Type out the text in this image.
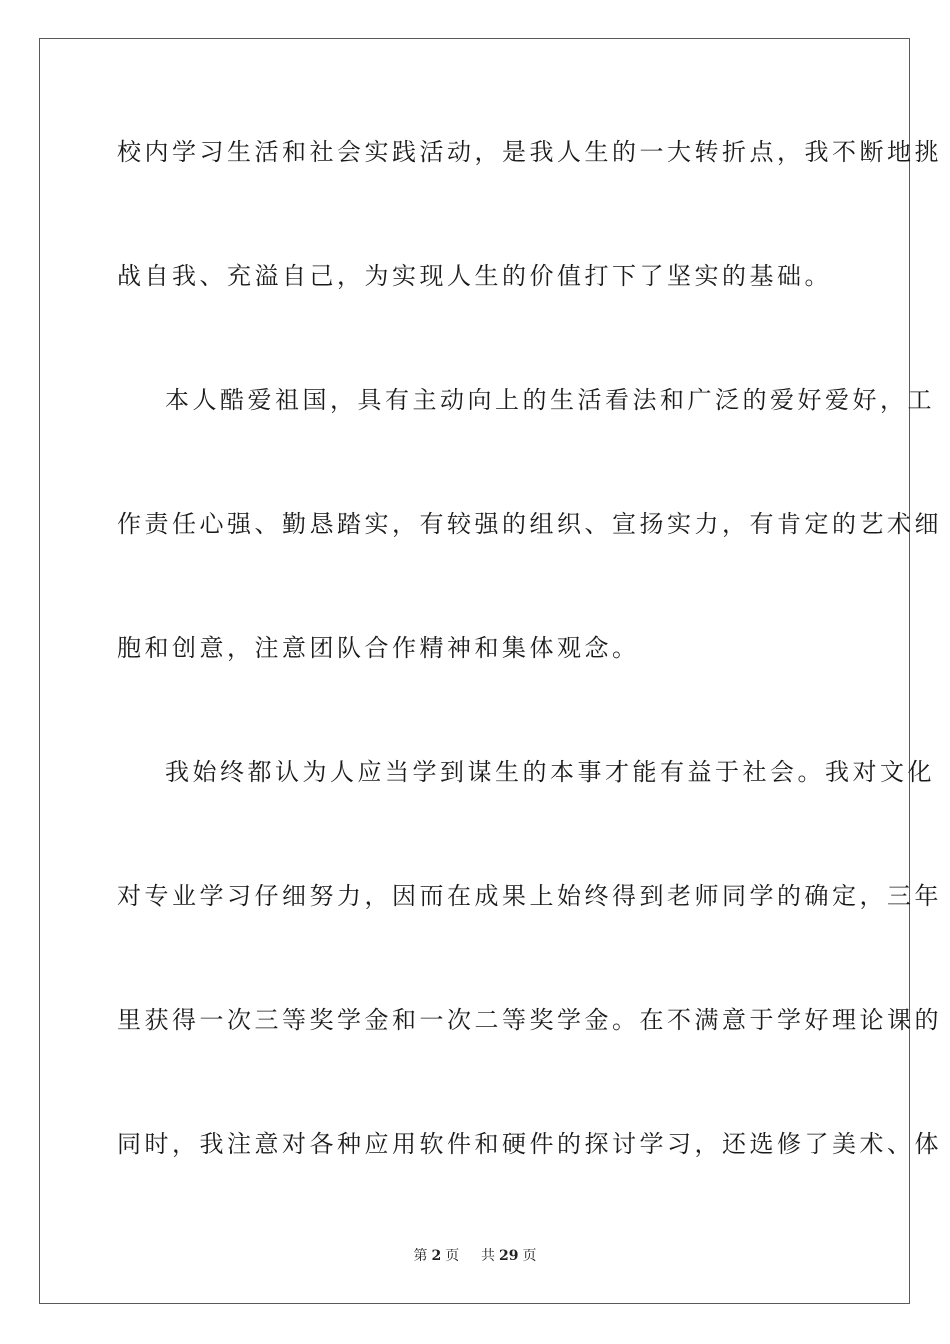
校内学习生活和社会实践活动，是我人生的一大转折点，我不断地挑
战自我、充溢自己，为实现人生的价值打下了坚实的基础。
本人酷爱祖国，具有主动向上的生活看法和广泛的爱好爱好，工
作责任心强、勤恳踏实，有较强的组织、宣扬实力，有肯定的艺术细
胞和创意，注意团队合作精神和集体观念。
我始终都认为人应当学到谋生的本事才能有益于社会。我对文化
对专业学习仔细努力，因而在成果上始终得到老师同学的确定，三年
里获得一次三等奖学金和一次二等奖学金。在不满意于学好理论课的
同时，我注意对各种应用软件和硬件的探讨学习，还选修了美术、体
第 2 页 共 29 页
